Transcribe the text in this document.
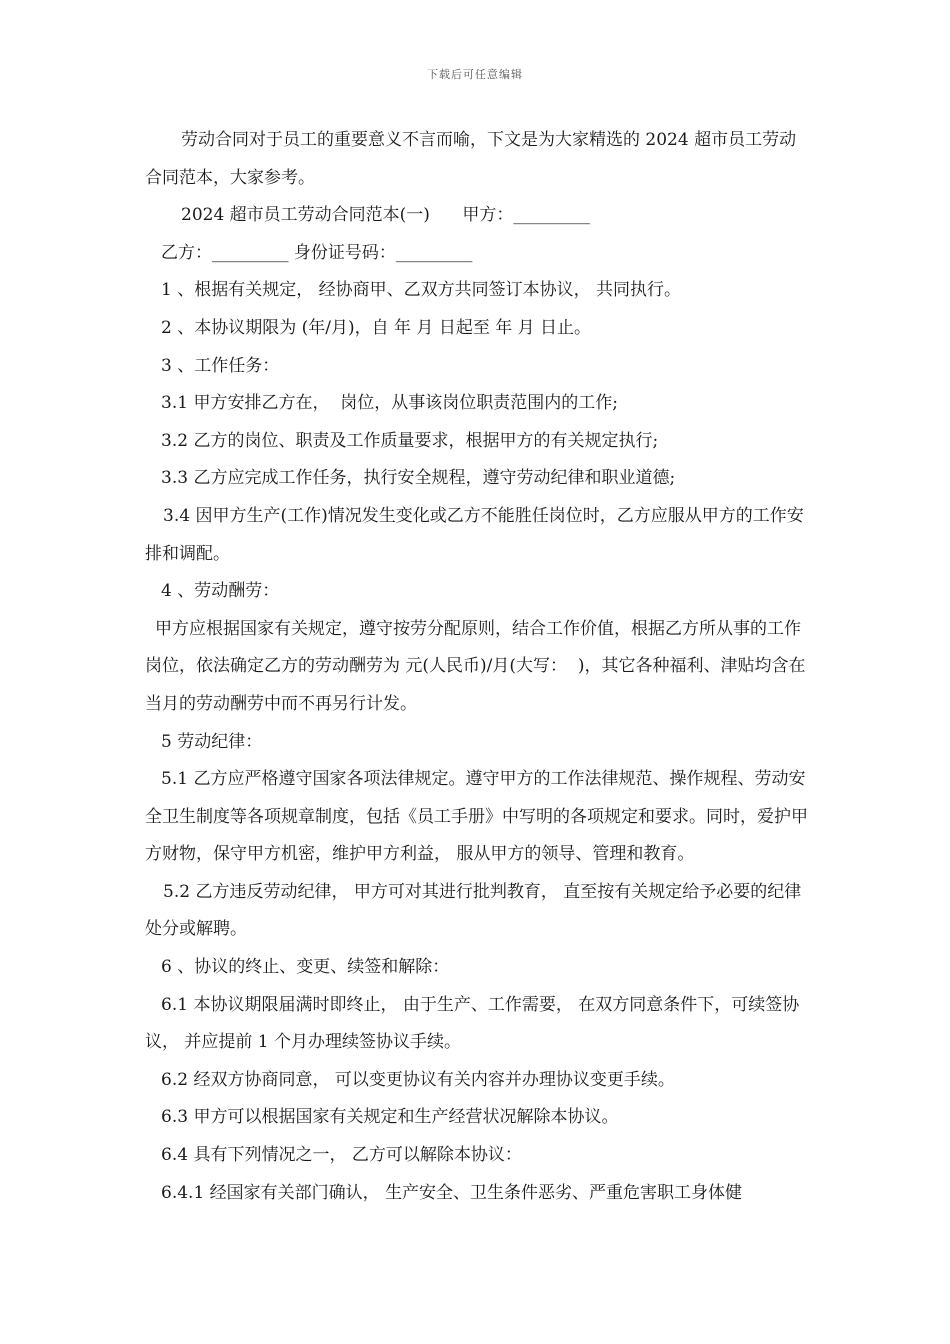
下载后可任意编辑

劳动合同对于员工的重要意义不言而喻，下文是为大家精选的 2024 超市员工劳动合同范本，大家参考。

2024 超市员工劳动合同范本(一)      甲方：_________

乙方：_________ 身份证号码：_________

1 、根据有关规定， 经协商甲、乙双方共同签订本协议， 共同执行。

2 、本协议期限为 (年/月)，自 年 月 日起至 年 月 日止。

3 、工作任务：

3.1 甲方安排乙方在，  岗位，从事该岗位职责范围内的工作;

3.2 乙方的岗位、职责及工作质量要求，根据甲方的有关规定执行;

3.3 乙方应完成工作任务，执行安全规程，遵守劳动纪律和职业道德;

3.4 因甲方生产(工作)情况发生变化或乙方不能胜任岗位时，乙方应服从甲方的工作安排和调配。

4 、劳动酬劳：

甲方应根据国家有关规定，遵守按劳分配原则，结合工作价值，根据乙方所从事的工作岗位，依法确定乙方的劳动酬劳为 元(人民币)/月(大写：  )，其它各种福利、津贴均含在当月的劳动酬劳中而不再另行计发。

5 劳动纪律：

5.1 乙方应严格遵守国家各项法律规定。遵守甲方的工作法律规范、操作规程、劳动安全卫生制度等各项规章制度，包括《员工手册》中写明的各项规定和要求。同时，爱护甲方财物，保守甲方机密，维护甲方利益， 服从甲方的领导、管理和教育。

5.2 乙方违反劳动纪律， 甲方可对其进行批判教育， 直至按有关规定给予必要的纪律处分或解聘。

6 、协议的终止、变更、续签和解除：

6.1 本协议期限届满时即终止， 由于生产、工作需要， 在双方同意条件下，可续签协议， 并应提前 1 个月办理续签协议手续。

6.2 经双方协商同意， 可以变更协议有关内容并办理协议变更手续。

6.3 甲方可以根据国家有关规定和生产经营状况解除本协议。

6.4 具有下列情况之一， 乙方可以解除本协议：

6.4.1 经国家有关部门确认， 生产安全、卫生条件恶劣、严重危害职工身体健
